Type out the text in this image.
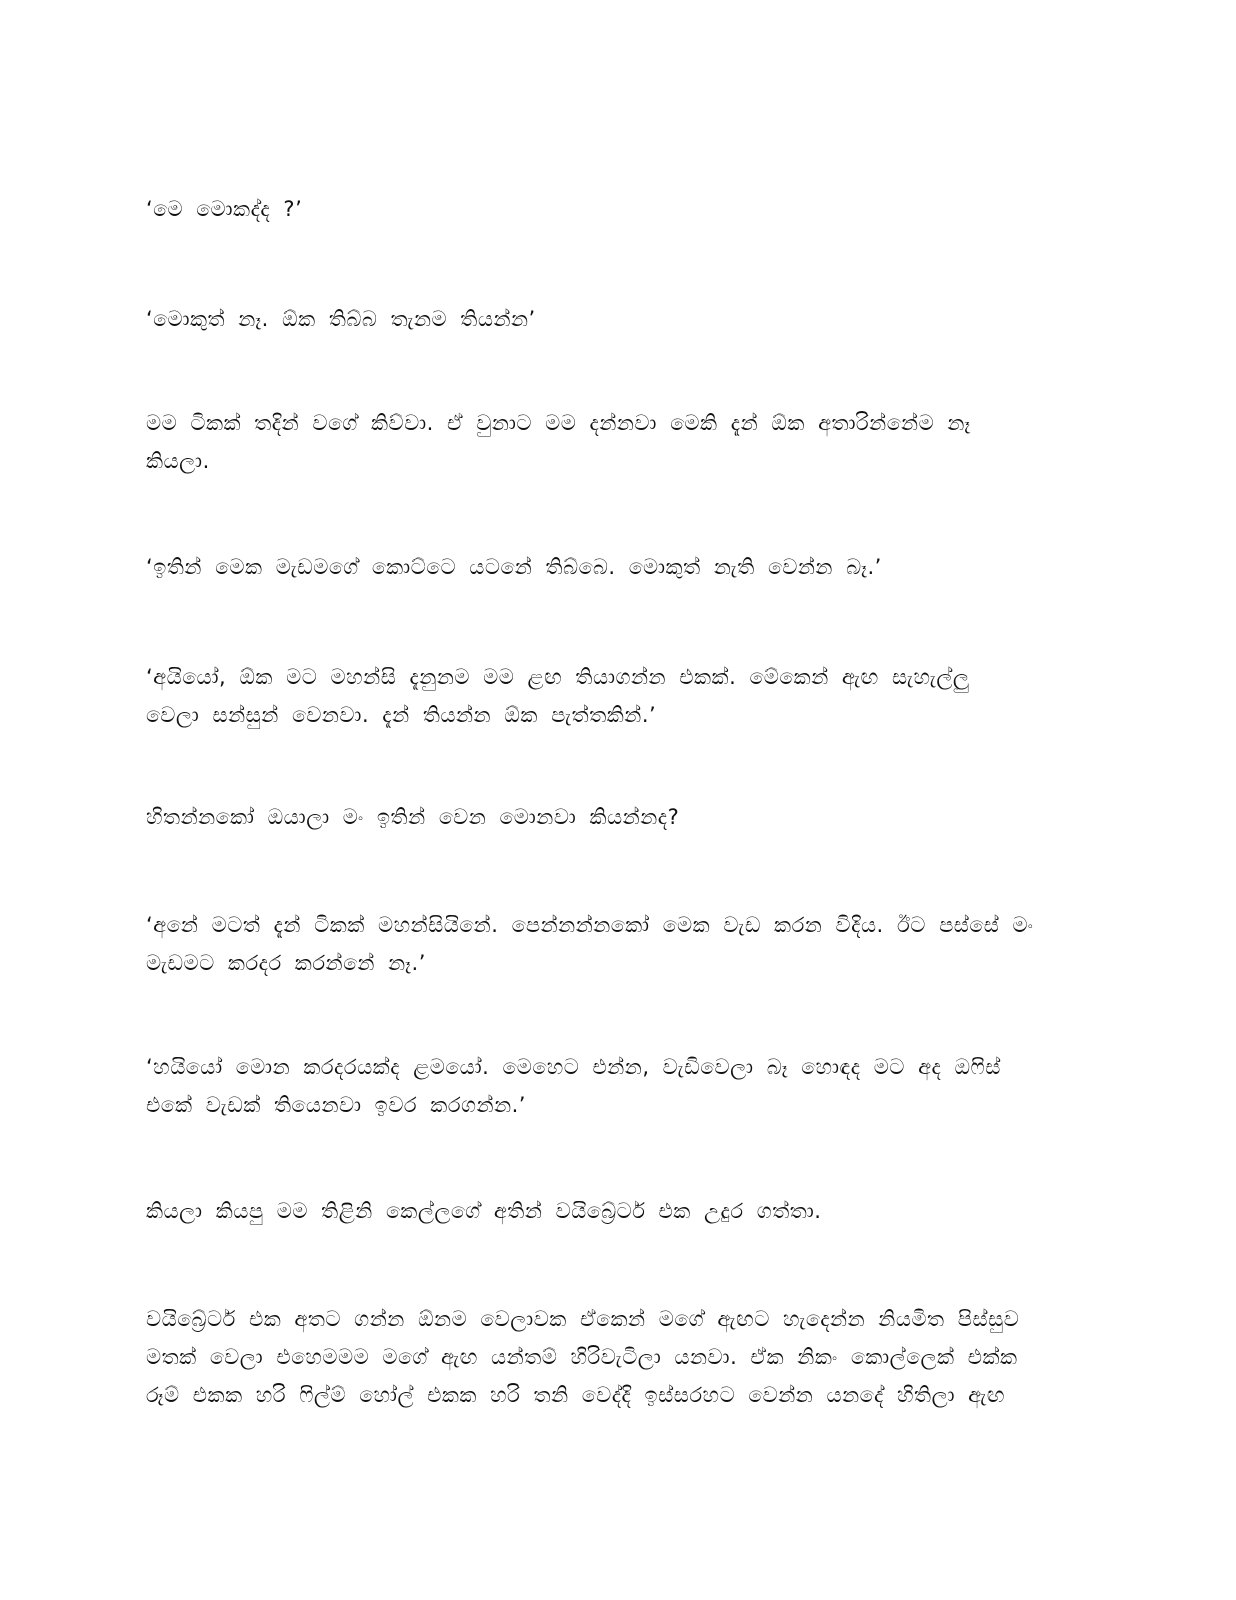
‘මෙ මොකද්ද ?’
‘මොකුත් නෑ. ඕක තිබ්බ තැනම තියන්න’
මම ටිකක් තදින් වගේ කිව්වා. ඒ වුනාට මම දන්නවා මෙකි දැන් ඕක අතාරින්නේම නෑ
කියලා.
‘ඉතින් මෙක මැඩමගේ කොට්ටෙ යටනේ තිබ්බෙ. මොකුත් නැති වෙන්න බෑ.’
‘අයියෝ, ඕක මට මහන්සි දැනුනම මම ළඟ තියාගන්න එකක්. මේකෙන් ඇඟ සැහැල්ලු
වෙලා සන්සුන් වෙනවා. දැන් තියන්න ඕක පැත්තකින්.’
හිතන්නකෝ ඔයාලා මං ඉතින් වෙන මොනවා කියන්නද?
‘අනේ මටත් දැන් ටිකක් මහන්සියිනේ. පෙන්නන්නකෝ මෙක වැඩ කරන විදිය. ඊට පස්සේ මං
මැඩමට කරදර කරන්නේ නෑ.’
‘හයියෝ මොන කරදරයක්ද ළමයෝ. මෙහෙට එන්න, වැඩිවෙලා බෑ හොඳද මට අද ඔෆිස්
එකේ වැඩක් තියෙනවා ඉවර කරගන්න.’
කියලා කියපු මම තිළිනි කෙල්ලගේ අතින් වයිබ්‍රේටර් එක උදුර ගත්තා.
වයිබ්‍රේටර් එක අතට ගන්න ඕනම වෙලාවක ඒකෙන් මගේ ඇඟට හැදෙන්න නියමිත පිස්සුව
මතක් වෙලා එහෙමමම මගේ ඇඟ යන්තම් හිරිවැටිලා යනවා. ඒක නිකං කොල්ලෙක් එක්ක
රූම් එකක හරි ෆිල්ම් හෝල් එකක හරි තනි වෙද්දි ඉස්සරහට වෙන්න යනදේ හිතිලා ඇඟ
